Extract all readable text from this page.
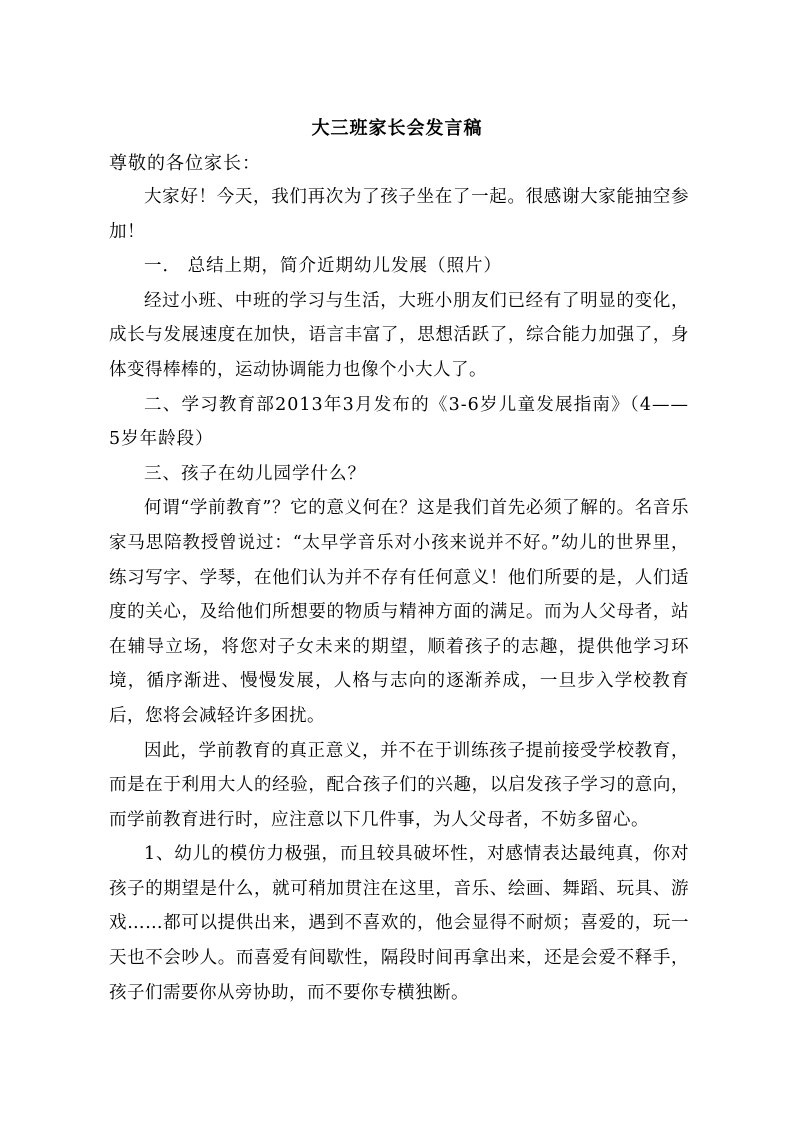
大三班家长会发言稿
尊敬的各位家长：

大家好！今天，我们再次为了孩子坐在了一起。很感谢大家能抽空参加！

一． 总结上期，简介近期幼儿发展（照片）

经过小班、中班的学习与生活，大班小朋友们已经有了明显的变化，成长与发展速度在加快，语言丰富了，思想活跃了，综合能力加强了，身体变得棒棒的，运动协调能力也像个小大人了。

二、学习教育部2013年3月发布的《3-6岁儿童发展指南》（4——5岁年龄段）

三、孩子在幼儿园学什么？

何谓“学前教育”？它的意义何在？这是我们首先必须了解的。名音乐家马思陪教授曾说过：“太早学音乐对小孩来说并不好。”幼儿的世界里，练习写字、学琴，在他们认为并不存有任何意义！他们所要的是，人们适度的关心，及给他们所想要的物质与精神方面的满足。而为人父母者，站在辅导立场，将您对子女未来的期望，顺着孩子的志趣，提供他学习环境，循序渐进、慢慢发展，人格与志向的逐渐养成，一旦步入学校教育后，您将会减轻许多困扰。

因此，学前教育的真正意义，并不在于训练孩子提前接受学校教育，而是在于利用大人的经验，配合孩子们的兴趣，以启发孩子学习的意向，而学前教育进行时，应注意以下几件事，为人父母者，不妨多留心。

1、幼儿的模仿力极强，而且较具破坏性，对感情表达最纯真，你对孩子的期望是什么，就可稍加贯注在这里，音乐、绘画、舞蹈、玩具、游戏……都可以提供出来，遇到不喜欢的，他会显得不耐烦；喜爱的，玩一天也不会吵人。而喜爱有间歇性，隔段时间再拿出来，还是会爱不释手，孩子们需要你从旁协助，而不要你专横独断。
